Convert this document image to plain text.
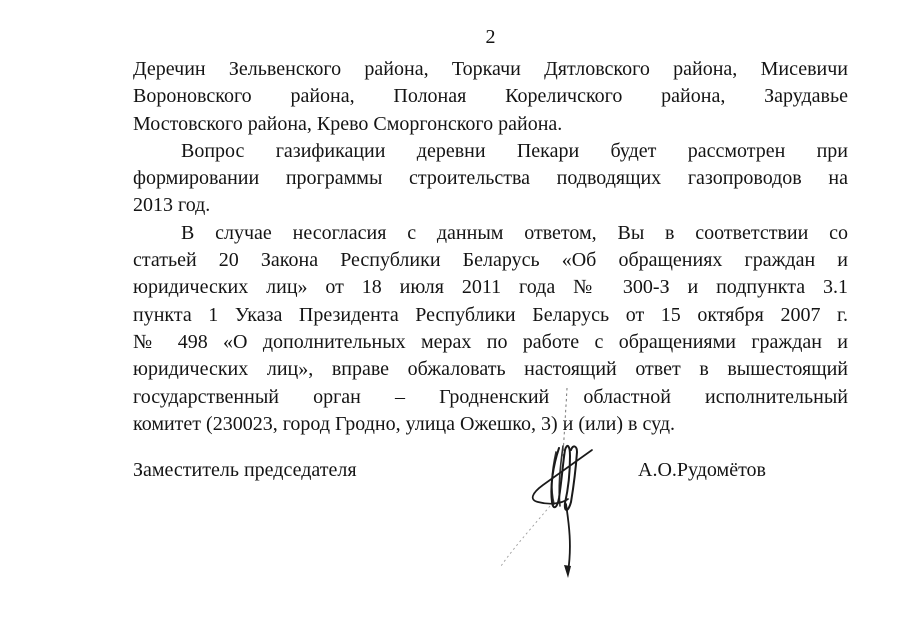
2

Деречин Зельвенского района, Торкачи Дятловского района, Мисевичи

Вороновского района, Полоная Кореличского района, Зарудавье

Мостовского района, Крево Сморгонского района.

Вопрос газификации деревни Пекари будет рассмотрен при

формировании программы строительства подводящих газопроводов на

2013 год.

В случае несогласия с данным ответом, Вы в соответствии со

статьей 20 Закона Республики Беларусь «Об обращениях граждан и

юридических лиц» от 18 июля 2011 года № 300-З и подпункта 3.1

пункта 1 Указа Президента Республики Беларусь от 15 октября 2007 г.

№ 498 «О дополнительных мерах по работе с обращениями граждан и

юридических лиц», вправе обжаловать настоящий ответ в вышестоящий

государственный орган – Гродненский областной исполнительный

комитет (230023, город Гродно, улица Ожешко, 3) и (или) в суд.

Заместитель председателя	А.О.Рудомётов
